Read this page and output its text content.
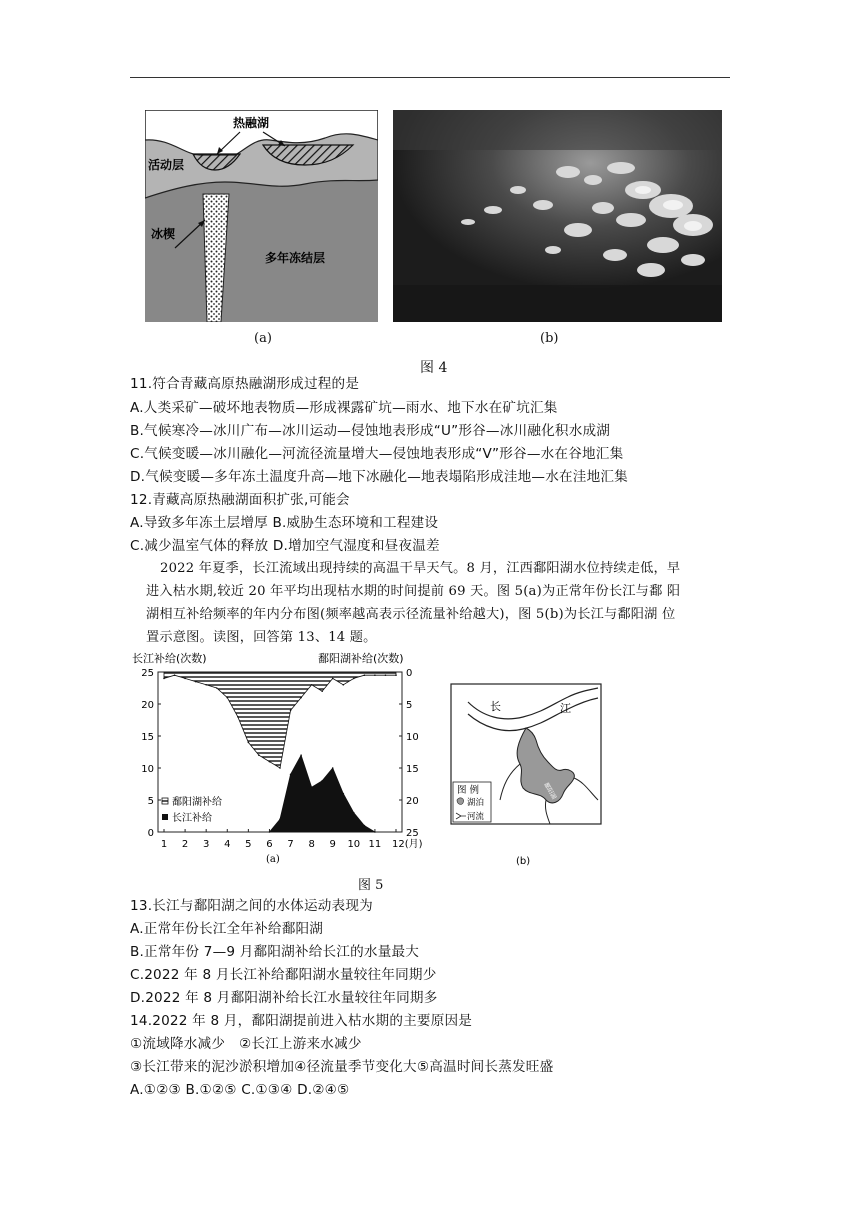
热融湖
活动层
冰楔
多年冻结层
(a)	(b)
图 4
11.符合青藏高原热融湖形成过程的是
A.人类采矿—破坏地表物质—形成裸露矿坑—雨水、地下水在矿坑汇集
B.气候寒冷—冰川广布—冰川运动—侵蚀地表形成“U”形谷—冰川融化积水成湖
C.气候变暖—冰川融化—河流径流量增大—侵蚀地表形成“V”形谷—水在谷地汇集
D.气候变暖—多年冻土温度升高—地下冰融化—地表塌陷形成洼地—水在洼地汇集
12.青藏高原热融湖面积扩张,可能会
A.导致多年冻土层增厚 B.威胁生态环境和工程建设
C.减少温室气体的释放 D.增加空气湿度和昼夜温差
2022 年夏季，长江流域出现持续的高温干旱天气。8 月，江西鄱阳湖水位持续走低，早
进入枯水期,较近 20 年平均出现枯水期的时间提前 69 天。图 5(a)为正常年份长江与鄱 阳
湖相互补给频率的年内分布图(频率越高表示径流量补给越大)，图 5(b)为长江与鄱阳湖 位
置示意图。读图，回答第 13、14 题。
长江补给(次数)	鄱阳湖补给(次数)
25
20
15
10
5
0
0
5
10
15
20
25
1 2 3 4 5 6 7 8 9 10 11 12(月)
鄱阳湖补给
长江补给
(a)
长	江
鄱阳湖
图 例
湖泊
河流
(b)
图 5
13.长江与鄱阳湖之间的水体运动表现为
A.正常年份长江全年补给鄱阳湖
B.正常年份 7—9 月鄱阳湖补给长江的水量最大
C.2022 年 8 月长江补给鄱阳湖水量较往年同期少
D.2022 年 8 月鄱阳湖补给长江水量较往年同期多
14.2022 年 8 月，鄱阳湖提前进入枯水期的主要原因是
①流域降水减少　②长江上游来水减少
③长江带来的泥沙淤积增加④径流量季节变化大⑤高温时间长蒸发旺盛
A.①②③ B.①②⑤ C.①③④ D.②④⑤
